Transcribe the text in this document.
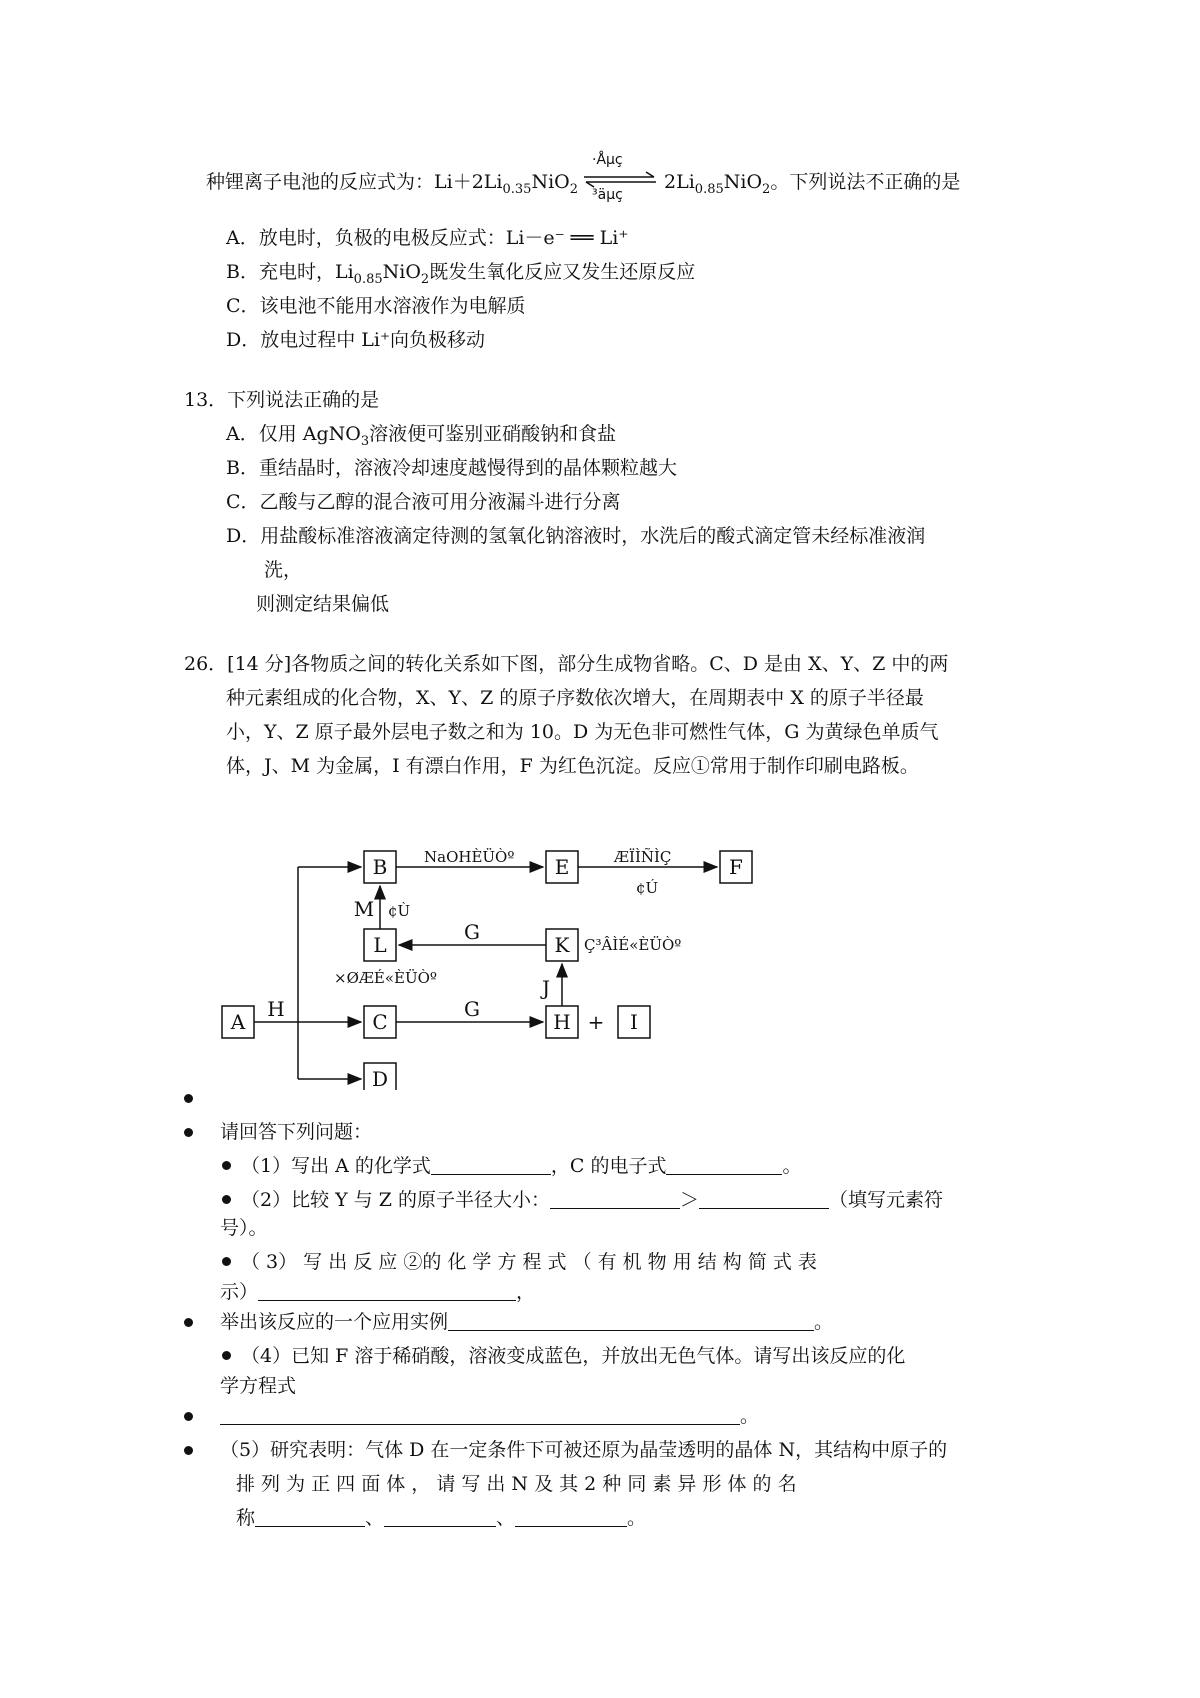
种锂离子电池的反应式为：$Li+2Li_{0.35}NiO_2$
·Åµç
³äµç
$2Li_{0.85}NiO_2$。下列说法不正确的是
A．放电时，负极的电极反应式：Li－e⁻ ══ Li⁺
B．充电时，$Li_{0.85}NiO_2$既发生氧化反应又发生还原反应
C．该电池不能用水溶液作为电解质
D．放电过程中 Li⁺向负极移动
13．下列说法正确的是
A．仅用 AgNO$_3$溶液便可鉴别亚硝酸钠和食盐
B．重结晶时，溶液冷却速度越慢得到的晶体颗粒越大
C．乙酸与乙醇的混合液可用分液漏斗进行分离
D．用盐酸标准溶液滴定待测的氢氧化钠溶液时，水洗后的酸式滴定管未经标准液润
洗，
则测定结果偏低
26．[14 分]各物质之间的转化关系如下图，部分生成物省略。C、D 是由 X、Y、Z 中的两
种元素组成的化合物，X、Y、Z 的原子序数依次增大，在周期表中 X 的原子半径最
小，Y、Z 原子最外层电子数之和为 10。D 为无色非可燃性气体，G 为黄绿色单质气
体，J、M 为金属，I 有漂白作用，F 为红色沉淀。反应①常用于制作印刷电路板。
A
B
C
D
L
E	F
K
H	I
+
H
G
G
J
M
NaOHÈÜÒº	ÆÏÌÑÌÇ
¢Ú
¢Ù
Ç³ÂÌÉ«ÈÜÒº
×ØÆÉ«ÈÜÒº
请回答下列问题：
（1）写出 A 的化学式	，C 的电子式	。
（2）比较 Y 与 Z 的原子半径大小：	＞	（填写元素符
号）。
（ 3） 写 出 反 应 ②的 化 学 方 程 式 （ 有 机 物 用 结 构 简 式 表
示）	，
举出该反应的一个应用实例	。
（4）已知 F 溶于稀硝酸，溶液变成蓝色，并放出无色气体。请写出该反应的化
学方程式
。
（5）研究表明：气体 D 在一定条件下可被还原为晶莹透明的晶体 N，其结构中原子的
排 列 为 正 四 面 体 ， 请 写 出 N 及 其 2 种 同 素 异 形 体 的 名
称	、	、	。
